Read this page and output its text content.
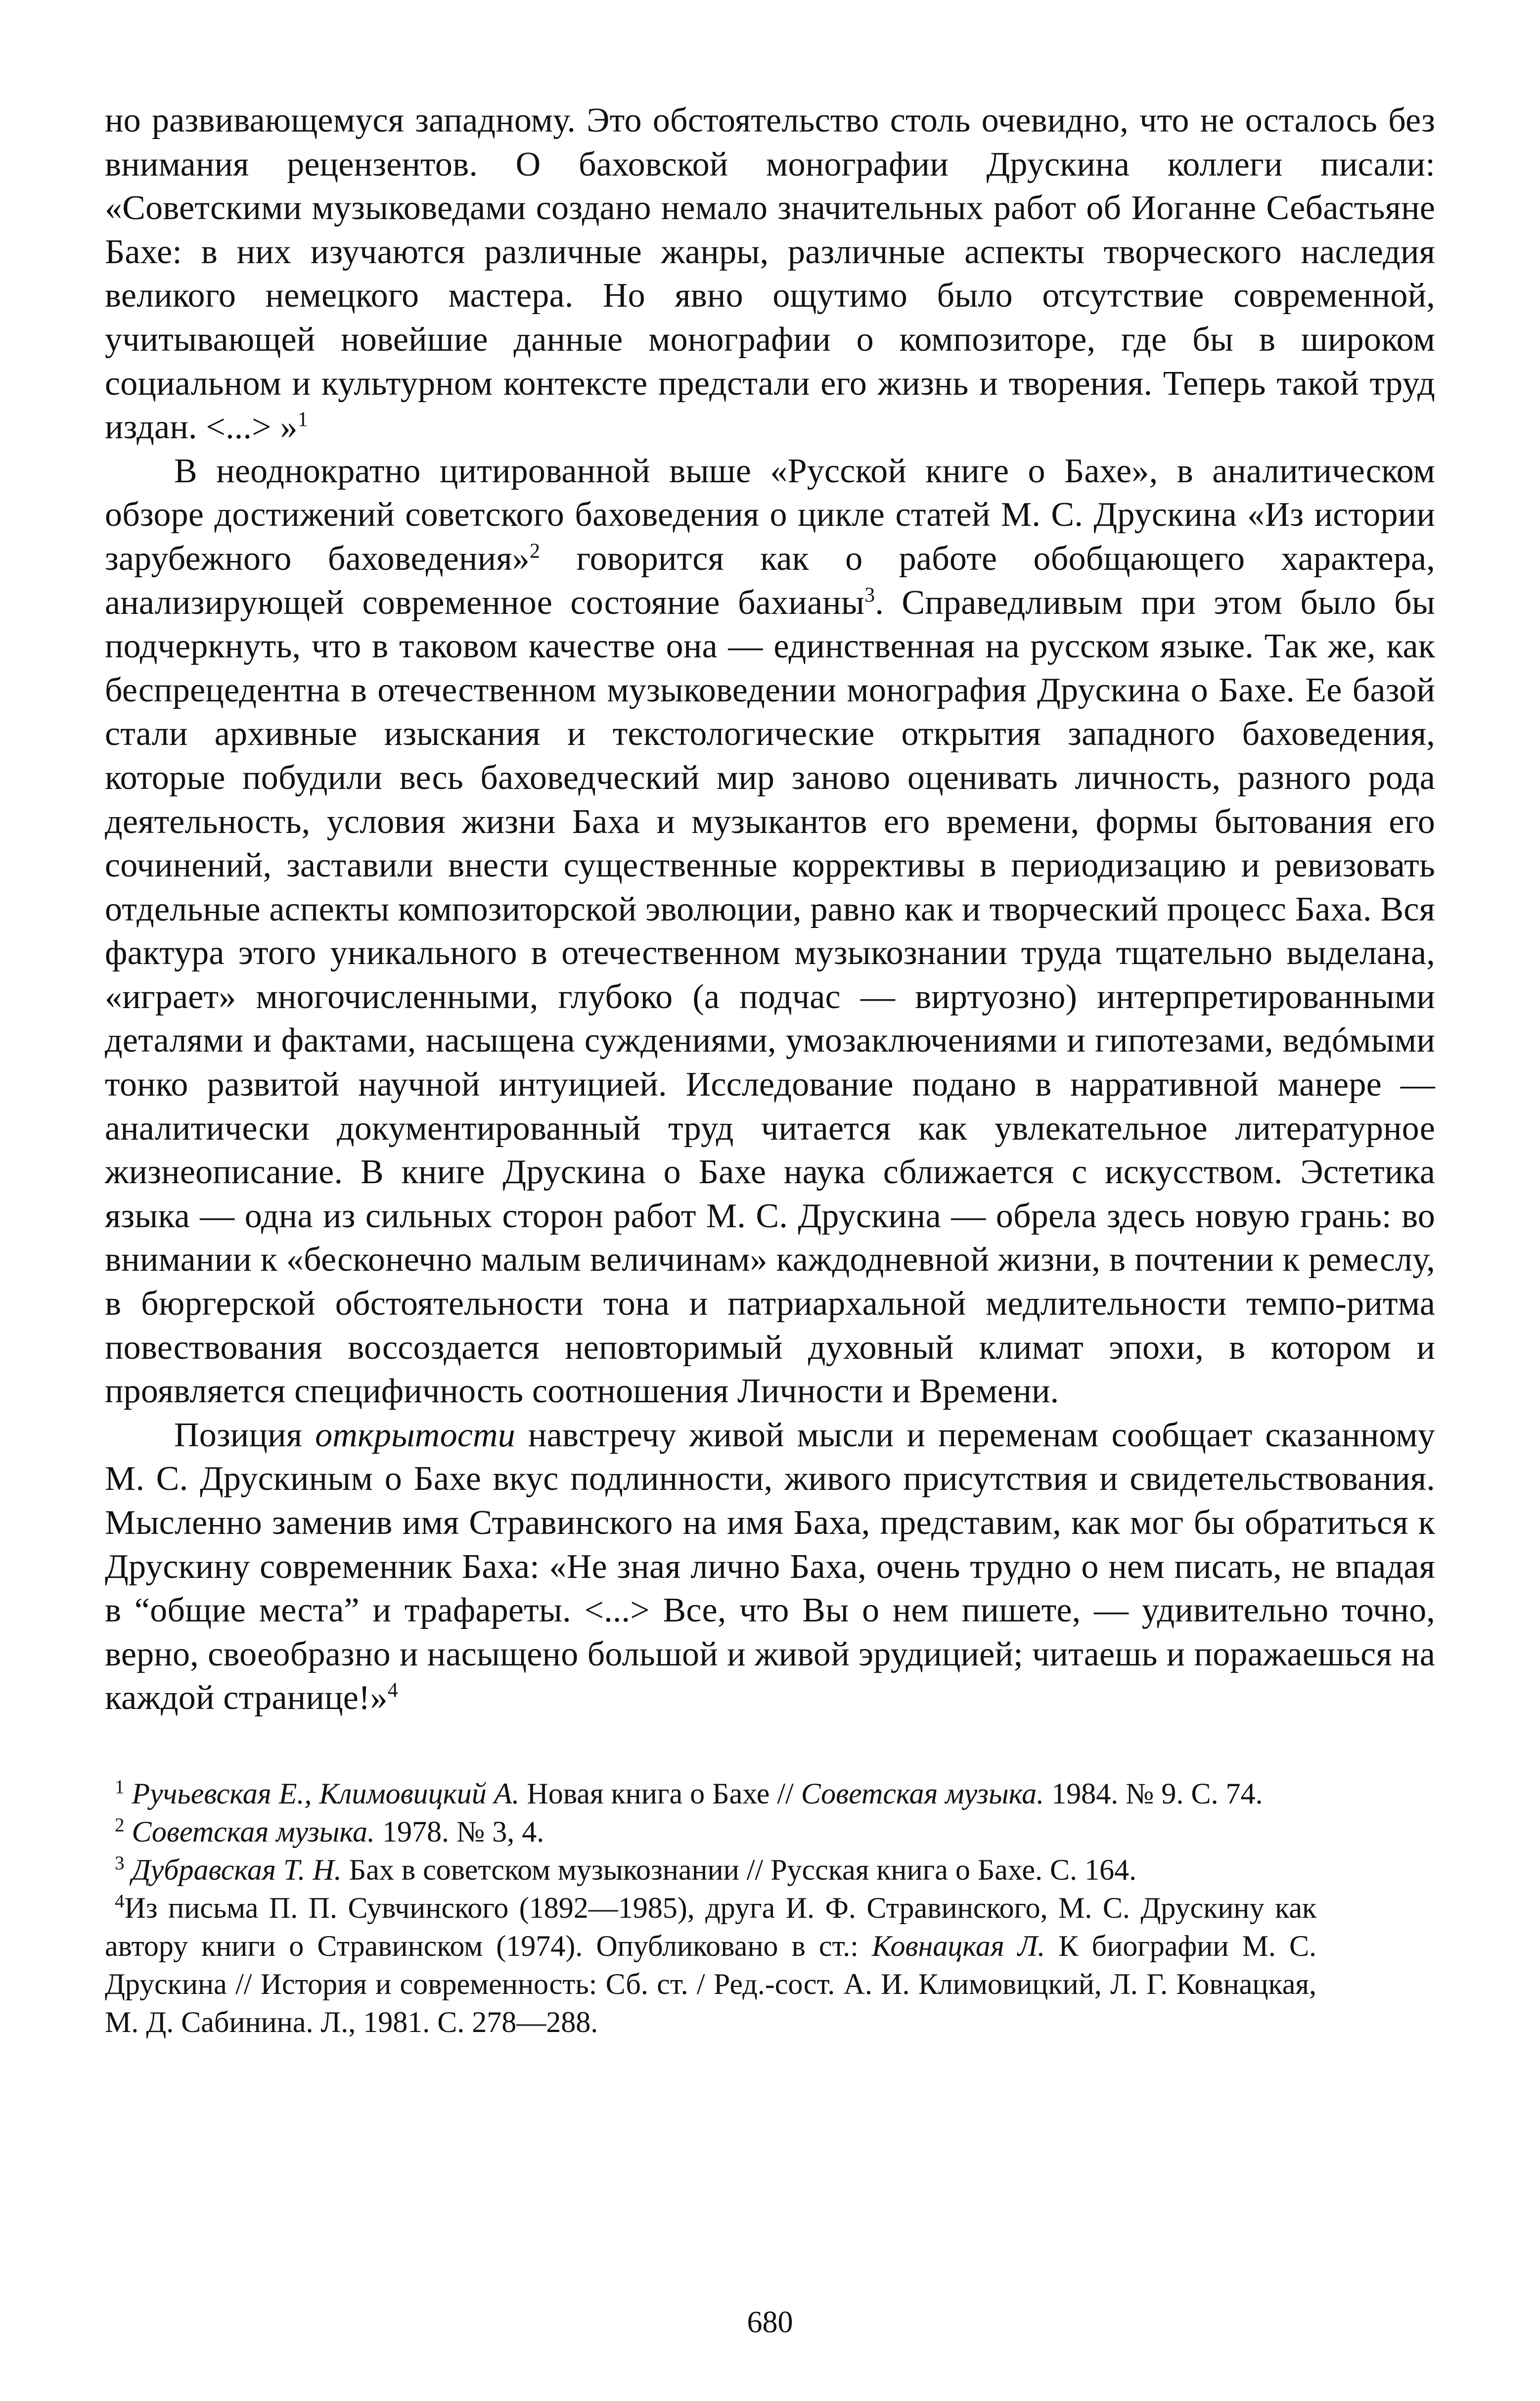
но развивающемуся западному. Это обстоятельство столь очевидно, что не осталось без внимания рецензентов. О баховской монографии Друскина коллеги писали: «Советскими музыковедами создано немало значительных работ об Иоганне Себастьяне Бахе: в них изучаются различные жанры, различные аспекты творческого наследия великого немецкого мастера. Но явно ощутимо было отсутствие современной, учитывающей новейшие данные монографии о композиторе, где бы в широком социальном и культурном контексте предстали его жизнь и творения. Теперь такой труд издан. <...> »$^1$

В неоднократно цитированной выше «Русской книге о Бахе», в аналитическом обзоре достижений советского баховедения о цикле статей М. С. Друскина «Из истории зарубежного баховедения»$^2$ говорится как о работе обобщающего характера, анализирующей современное состояние бахианы$^3$. Справедливым при этом было бы подчеркнуть, что в таковом качестве она — единственная на русском языке. Так же, как беспрецедентна в отечественном музыковедении монография Друскина о Бахе. Ее базой стали архивные изыскания и текстологические открытия западного баховедения, которые побудили весь баховедческий мир заново оценивать личность, разного рода деятельность, условия жизни Баха и музыкантов его времени, формы бытования его сочинений, заставили внести существенные коррективы в периодизацию и ревизовать отдельные аспекты композиторской эволюции, равно как и творческий процесс Баха. Вся фактура этого уникального в отечественном музыкознании труда тщательно выделана, «играет» многочисленными, глубоко (а подчас — виртуозно) интерпретированными деталями и фактами, насыщена суждениями, умозаключениями и гипотезами, ведóмыми тонко развитой научной интуицией. Исследование подано в нарративной манере — аналитически документированный труд читается как увлекательное литературное жизнеописание. В книге Друскина о Бахе наука сближается с искусством. Эстетика языка — одна из сильных сторон работ М. С. Друскина — обрела здесь новую грань: во внимании к «бесконечно малым величинам» каждодневной жизни, в почтении к ремеслу, в бюргерской обстоятельности тона и патриархальной медлительности темпо-ритма повествования воссоздается неповторимый духовный климат эпохи, в котором и проявляется специфичность соотношения Личности и Времени.

Позиция открытости навстречу живой мысли и переменам сообщает сказанному М. С. Друскиным о Бахе вкус подлинности, живого присутствия и свидетельствования. Мысленно заменив имя Стравинского на имя Баха, представим, как мог бы обратиться к Друскину современник Баха: «Не зная лично Баха, очень трудно о нем писать, не впадая в “общие места” и трафареты. <...> Все, что Вы о нем пишете, — удивительно точно, верно, своеобразно и насыщено большой и живой эрудицией; читаешь и поражаешься на каждой странице!»$^4$

$^1$ Ручьевская Е., Климовицкий А. Новая книга о Бахе // Советская музыка. 1984. № 9. С. 74.

$^2$ Советская музыка. 1978. № 3, 4.

$^3$ Дубравская Т. Н. Бах в советском музыкознании // Русская книга о Бахе. С. 164.

$^4$Из письма П. П. Сувчинского (1892—1985), друга И. Ф. Стравинского, М. С. Друскину как автору книги о Стравинском (1974). Опубликовано в ст.: Ковнацкая Л. К биографии М. С. Друскина // История и современность: Сб. ст. / Ред.-сост. А. И. Климовицкий, Л. Г. Ковнацкая, М. Д. Сабинина. Л., 1981. С. 278—288.

680
